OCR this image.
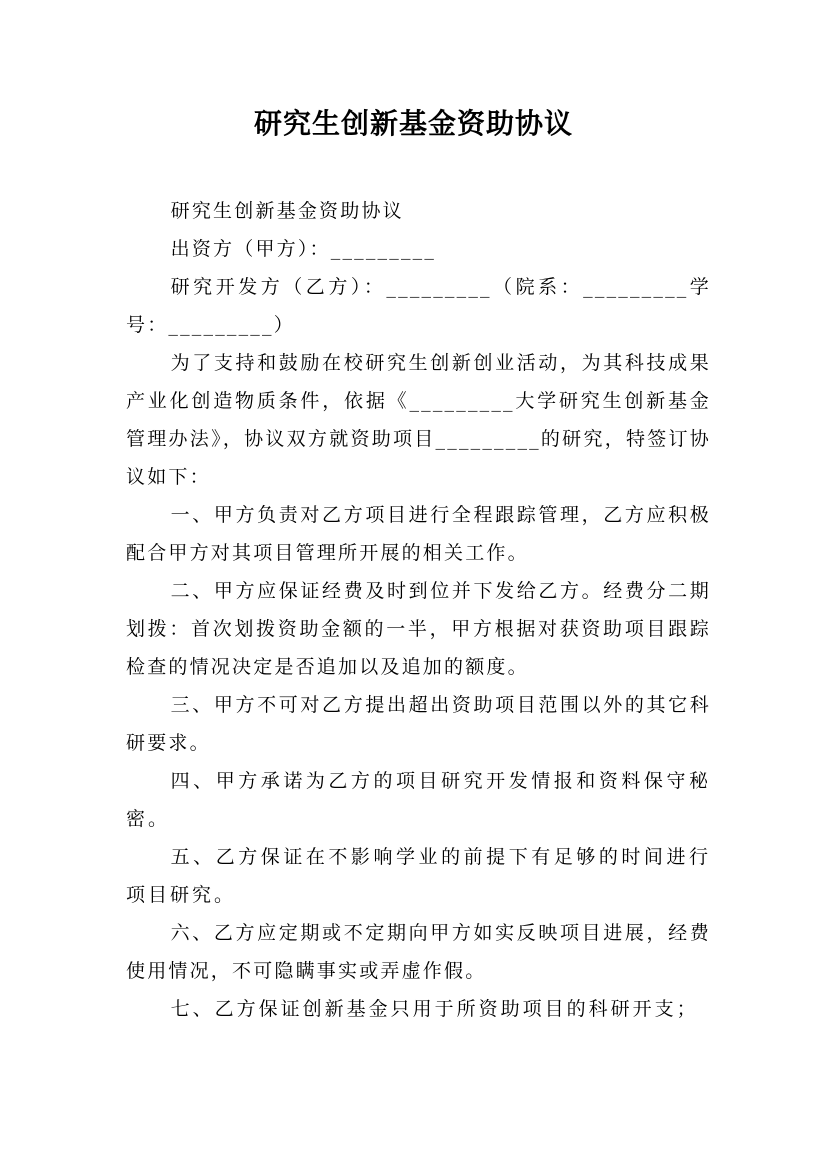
研究生创新基金资助协议

研究生创新基金资助协议

出资方（甲方）：_________

研究开发方（乙方）：_________（院系：_________学号：_________）

为了支持和鼓励在校研究生创新创业活动，为其科技成果产业化创造物质条件，依据《_________大学研究生创新基金管理办法》，协议双方就资助项目_________的研究，特签订协议如下：

一、甲方负责对乙方项目进行全程跟踪管理，乙方应积极配合甲方对其项目管理所开展的相关工作。

二、甲方应保证经费及时到位并下发给乙方。经费分二期划拨：首次划拨资助金额的一半，甲方根据对获资助项目跟踪检查的情况决定是否追加以及追加的额度。

三、甲方不可对乙方提出超出资助项目范围以外的其它科研要求。

四、甲方承诺为乙方的项目研究开发情报和资料保守秘密。

五、乙方保证在不影响学业的前提下有足够的时间进行项目研究。

六、乙方应定期或不定期向甲方如实反映项目进展，经费使用情况，不可隐瞒事实或弄虚作假。

七、乙方保证创新基金只用于所资助项目的科研开支；
